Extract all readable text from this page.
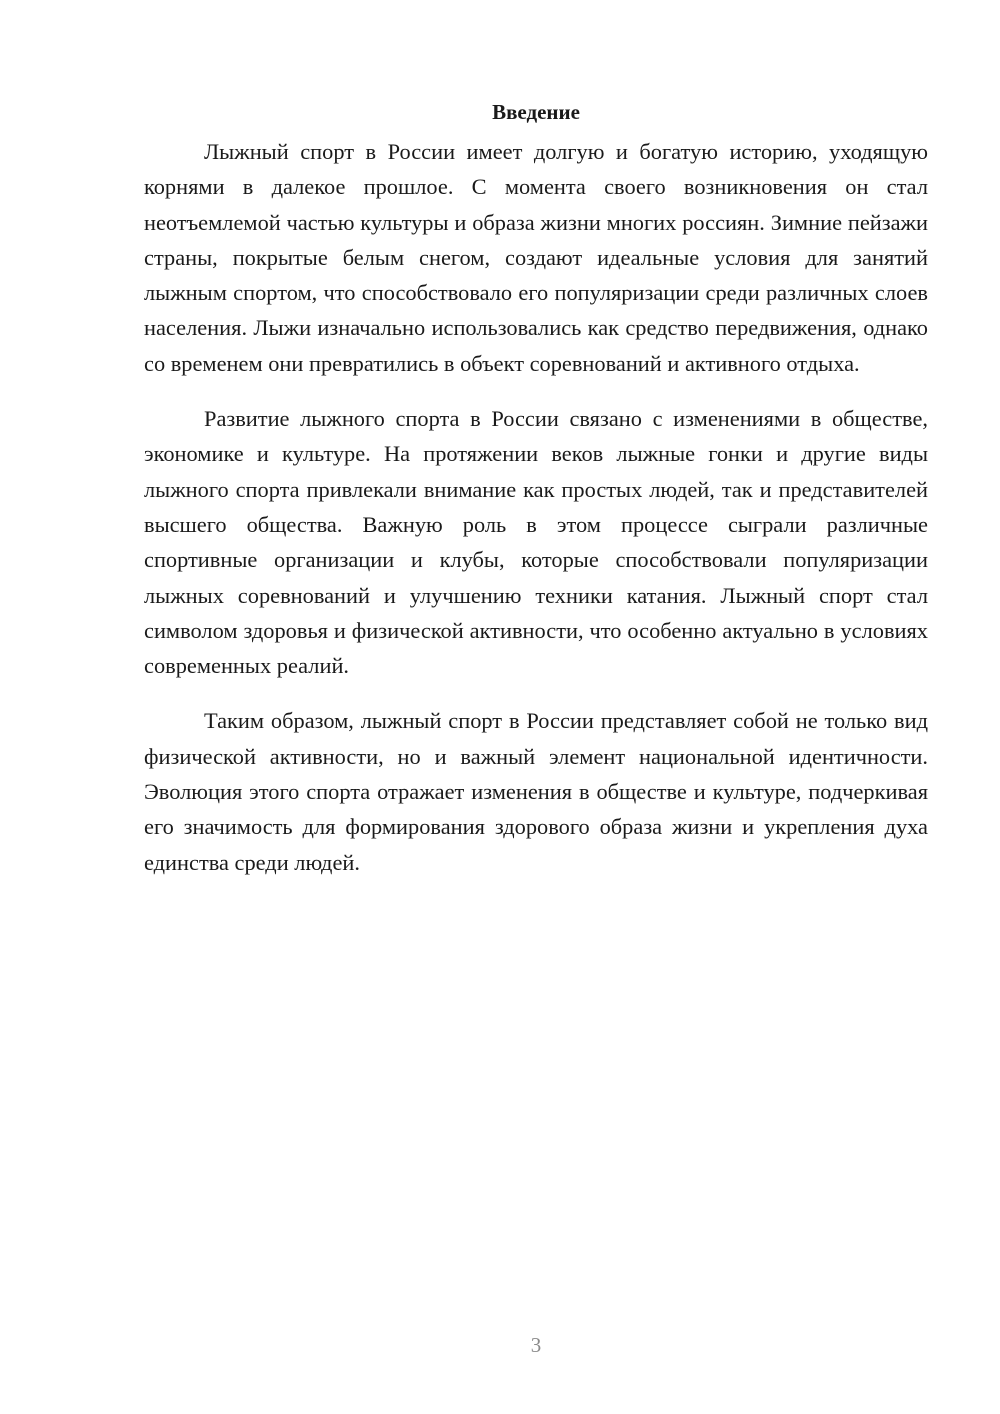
Введение

Лыжный спорт в России имеет долгую и богатую историю, уходящую корнями в далекое прошлое. С момента своего возникновения он стал неотъемлемой частью культуры и образа жизни многих россиян. Зимние пейзажи страны, покрытые белым снегом, создают идеальные условия для занятий лыжным спортом, что способствовало его популяризации среди различных слоев населения. Лыжи изначально использовались как средство передвижения, однако со временем они превратились в объект соревнований и активного отдыха.

Развитие лыжного спорта в России связано с изменениями в обществе, экономике и культуре. На протяжении веков лыжные гонки и другие виды лыжного спорта привлекали внимание как простых людей, так и представителей высшего общества. Важную роль в этом процессе сыграли различные спортивные организации и клубы, которые способствовали популяризации лыжных соревнований и улучшению техники катания. Лыжный спорт стал символом здоровья и физической активности, что особенно актуально в условиях современных реалий.

Таким образом, лыжный спорт в России представляет собой не только вид физической активности, но и важный элемент национальной идентичности. Эволюция этого спорта отражает изменения в обществе и культуре, подчеркивая его значимость для формирования здорового образа жизни и укрепления духа единства среди людей.

3
